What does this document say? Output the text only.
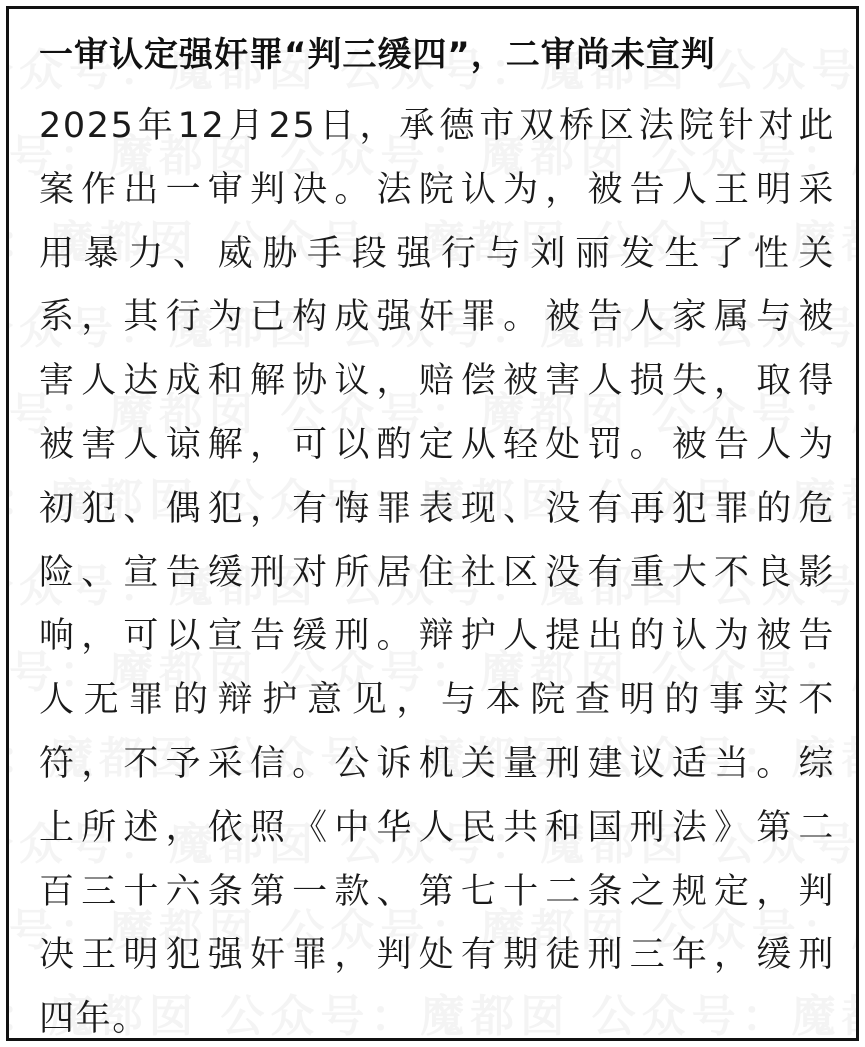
一审认定强奸罪“判三缓四”，二审尚未宣判
2025年12月25日，承德市双桥区法院针对此
案作出一审判决。法院认为，被告人王明采
用暴力、威胁手段强行与刘丽发生了性关
系，其行为已构成强奸罪。被告人家属与被
害人达成和解协议，赔偿被害人损失，取得
被害人谅解，可以酌定从轻处罚。被告人为
初犯、偶犯，有悔罪表现、没有再犯罪的危
险、宣告缓刑对所居住社区没有重大不良影
响，可以宣告缓刑。辩护人提出的认为被告
人无罪的辩护意见，与本院查明的事实不
符，不予采信。公诉机关量刑建议适当。综
上所述，依照《中华人民共和国刑法》第二
百三十六条第一款、第七十二条之规定，判
决王明犯强奸罪，判处有期徒刑三年，缓刑
四年。
